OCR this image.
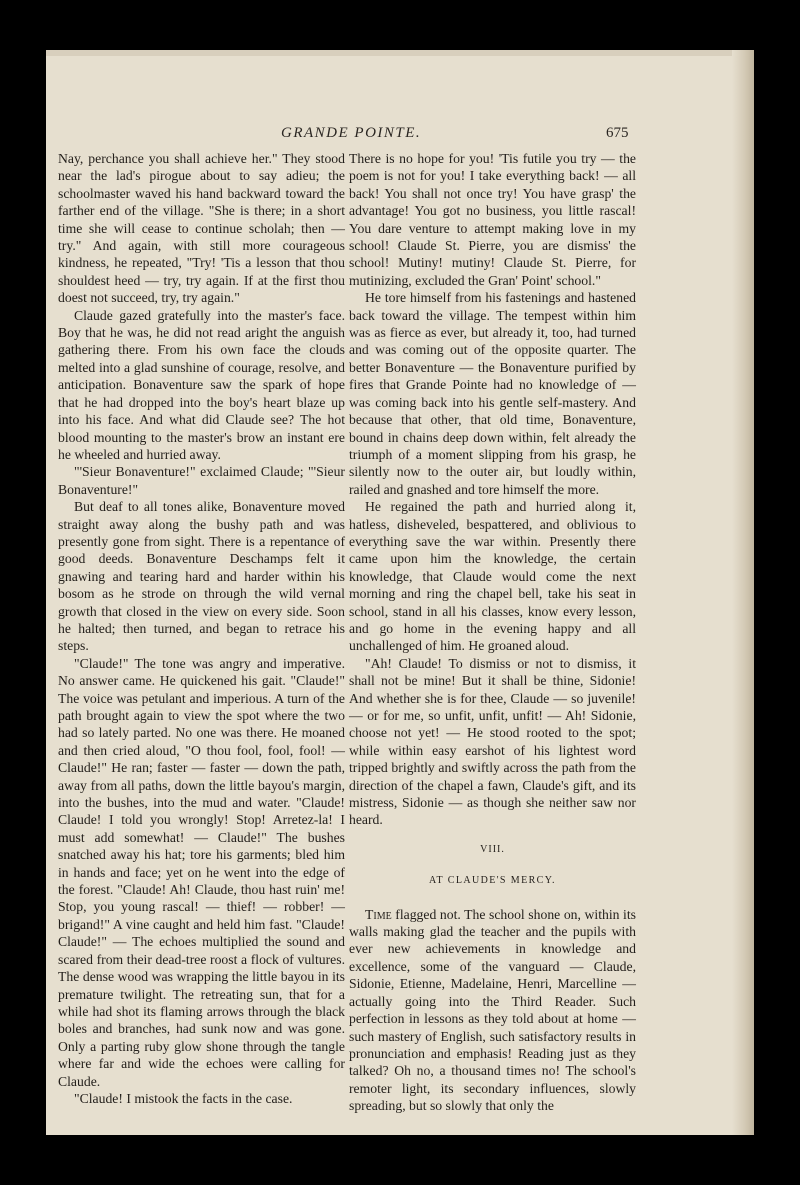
GRANDE POINTE.	675

Nay, perchance you shall achieve her." They stood near the lad's pirogue about to say adieu; the schoolmaster waved his hand backward toward the farther end of the village. "She is there; in a short time she will cease to continue scholah; then — try." And again, with still more courageous kindness, he repeated, "Try! 'Tis a lesson that thou shouldest heed — try, try again. If at the first thou doest not succeed, try, try again."

Claude gazed gratefully into the master's face. Boy that he was, he did not read aright the anguish gathering there. From his own face the clouds melted into a glad sunshine of courage, resolve, and anticipation. Bonaventure saw the spark of hope that he had dropped into the boy's heart blaze up into his face. And what did Claude see? The hot blood mounting to the master's brow an instant ere he wheeled and hurried away.

"'Sieur Bonaventure!" exclaimed Claude; "'Sieur Bonaventure!"

But deaf to all tones alike, Bonaventure moved straight away along the bushy path and was presently gone from sight. There is a repentance of good deeds. Bonaventure Deschamps felt it gnawing and tearing hard and harder within his bosom as he strode on through the wild vernal growth that closed in the view on every side. Soon he halted; then turned, and began to retrace his steps.

"Claude!" The tone was angry and imperative. No answer came. He quickened his gait. "Claude!" The voice was petulant and imperious. A turn of the path brought again to view the spot where the two had so lately parted. No one was there. He moaned and then cried aloud, "O thou fool, fool, fool! — Claude!" He ran; faster — faster — down the path, away from all paths, down the little bayou's margin, into the bushes, into the mud and water. "Claude! Claude! I told you wrongly! Stop! Arretez-la! I must add somewhat! — Claude!" The bushes snatched away his hat; tore his garments; bled him in hands and face; yet on he went into the edge of the forest. "Claude! Ah! Claude, thou hast ruin' me! Stop, you young rascal! — thief! — robber! — brigand!" A vine caught and held him fast. "Claude! Claude!" — The echoes multiplied the sound and scared from their dead-tree roost a flock of vultures. The dense wood was wrapping the little bayou in its premature twilight. The retreating sun, that for a while had shot its flaming arrows through the black boles and branches, had sunk now and was gone. Only a parting ruby glow shone through the tangle where far and wide the echoes were calling for Claude.

"Claude! I mistook the facts in the case.

There is no hope for you! 'Tis futile you try — the poem is not for you! I take everything back! — all back! You shall not once try! You have grasp' the advantage! You got no business, you little rascal! You dare venture to attempt making love in my school! Claude St. Pierre, you are dismiss' the school! Mutiny! mutiny! Claude St. Pierre, for mutinizing, excluded the Gran' Point' school."

He tore himself from his fastenings and hastened back toward the village. The tempest within him was as fierce as ever, but already it, too, had turned and was coming out of the opposite quarter. The better Bonaventure — the Bonaventure purified by fires that Grande Pointe had no knowledge of — was coming back into his gentle self-mastery. And because that other, that old time, Bonaventure, bound in chains deep down within, felt already the triumph of a moment slipping from his grasp, he silently now to the outer air, but loudly within, railed and gnashed and tore himself the more.

He regained the path and hurried along it, hatless, disheveled, bespattered, and oblivious to everything save the war within. Presently there came upon him the knowledge, the certain knowledge, that Claude would come the next morning and ring the chapel bell, take his seat in school, stand in all his classes, know every lesson, and go home in the evening happy and all unchallenged of him. He groaned aloud.

"Ah! Claude! To dismiss or not to dismiss, it shall not be mine! But it shall be thine, Sidonie! And whether she is for thee, Claude — so juvenile! — or for me, so unfit, unfit, unfit! — Ah! Sidonie, choose not yet! — He stood rooted to the spot; while within easy earshot of his lightest word tripped brightly and swiftly across the path from the direction of the chapel a fawn, Claude's gift, and its mistress, Sidonie — as though she neither saw nor heard.

VIII.

AT CLAUDE'S MERCY.

Time flagged not. The school shone on, within its walls making glad the teacher and the pupils with ever new achievements in knowledge and excellence, some of the vanguard — Claude, Sidonie, Etienne, Madelaine, Henri, Marcelline — actually going into the Third Reader. Such perfection in lessons as they told about at home — such mastery of English, such satisfactory results in pronunciation and emphasis! Reading just as they talked? Oh no, a thousand times no! The school's remoter light, its secondary influences, slowly spreading, but so slowly that only the
